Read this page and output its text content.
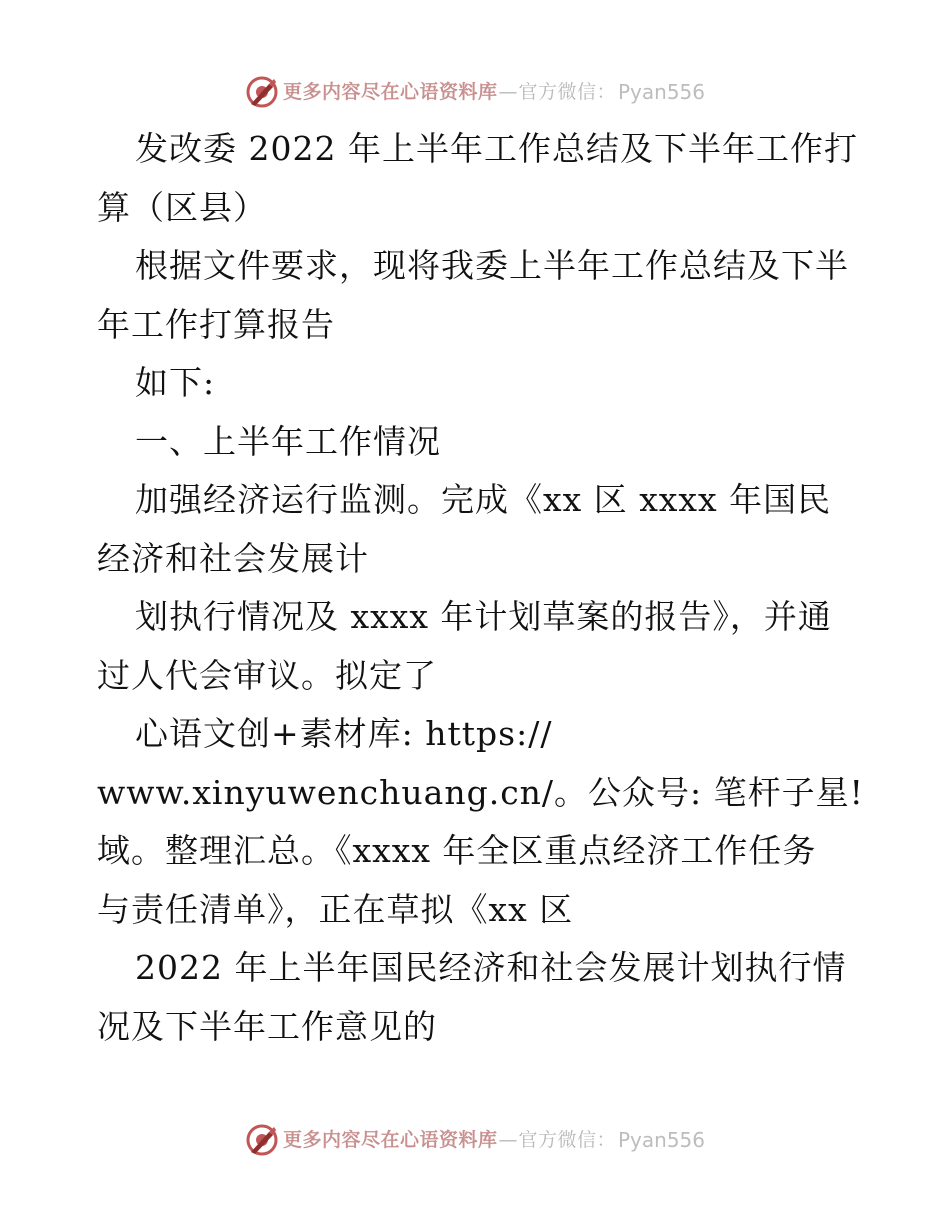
更多内容尽在心语资料库 — 官方微信： Pyan556
发改委 2022 年上半年工作总结及下半年工作打
算（区县）
根据文件要求，现将我委上半年工作总结及下半
年工作打算报告
如下:
一、上半年工作情况
加强经济运行监测。完成《xx 区 xxxx 年国民
经济和社会发展计
划执行情况及 xxxx 年计划草案的报告》，并通
过人代会审议。拟定了
心语文创+素材库: https://
www.xinyuwenchuang.cn/。公众号: 笔杆子星!
域。整理汇总。《xxxx 年全区重点经济工作任务
与责任清单》，正在草拟《xx 区
2022 年上半年国民经济和社会发展计划执行情
况及下半年工作意见的
更多内容尽在心语资料库 — 官方微信： Pyan556
